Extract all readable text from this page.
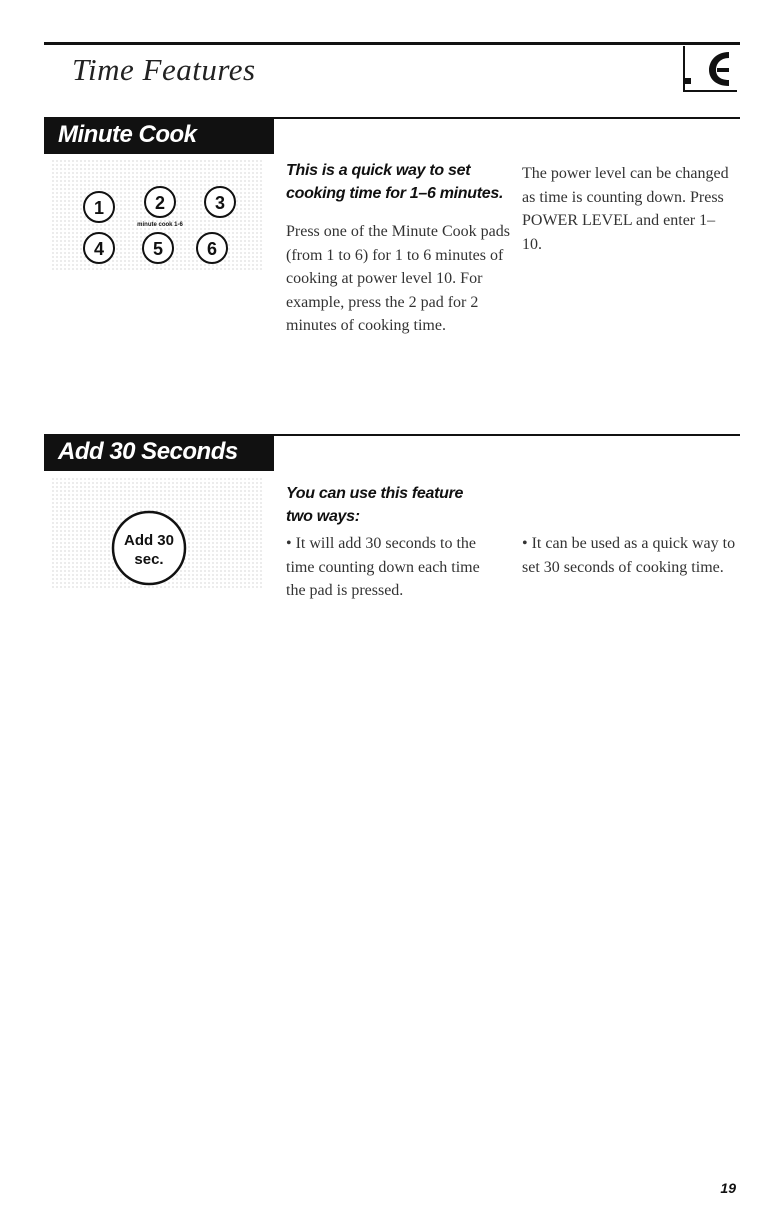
Time Features
Minute Cook
1	2	3
minute cook 1-6
4	5 6
This is a quick way to set cooking time for 1–6 minutes.
Press one of the Minute Cook pads (from 1 to 6) for 1 to 6 minutes of cooking at power level 10. For example, press the 2 pad for 2 minutes of cooking time.
The power level can be changed as time is counting down. Press POWER LEVEL and enter 1–10.
Add 30 Seconds
Add 30
sec.
You can use this feature two ways:
• It will add 30 seconds to the time counting down each time the pad is pressed.
• It can be used as a quick way to set 30 seconds of cooking time.
19
